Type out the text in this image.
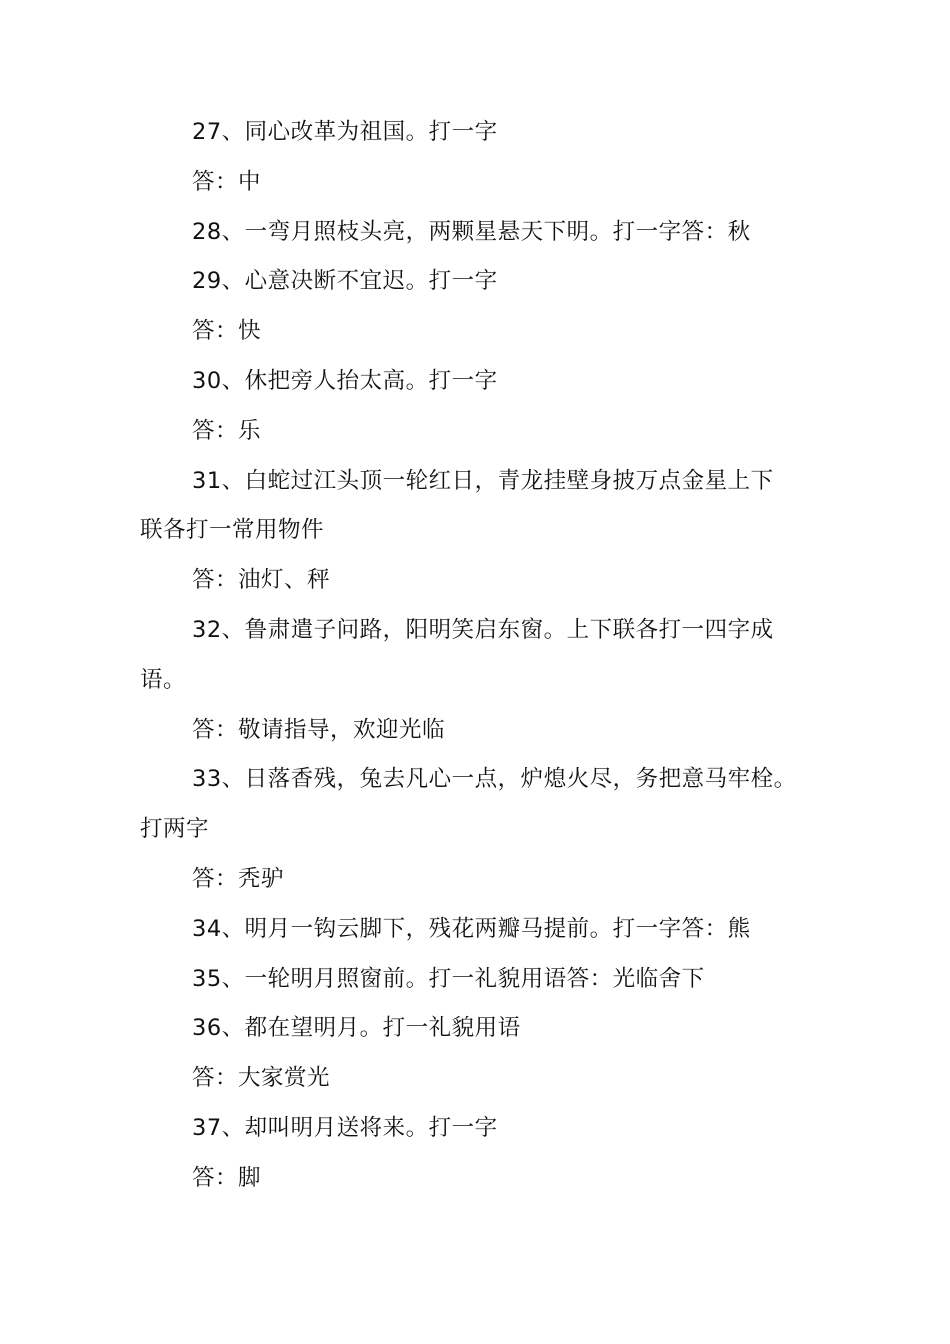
27、同心改革为祖国。打一字

答：中

28、一弯月照枝头亮，两颗星悬天下明。打一字答：秋

29、心意决断不宜迟。打一字

答：快

30、休把旁人抬太高。打一字

答：乐

31、白蛇过江头顶一轮红日，青龙挂壁身披万点金星上下

联各打一常用物件

答：油灯、秤

32、鲁肃遣子问路，阳明笑启东窗。上下联各打一四字成

语。

答：敬请指导，欢迎光临

33、日落香残，兔去凡心一点，炉熄火尽，务把意马牢栓。

打两字

答：秃驴

34、明月一钩云脚下，残花两瓣马提前。打一字答：熊

35、一轮明月照窗前。打一礼貌用语答：光临舍下

36、都在望明月。打一礼貌用语

答：大家赏光

37、却叫明月送将来。打一字

答：脚
